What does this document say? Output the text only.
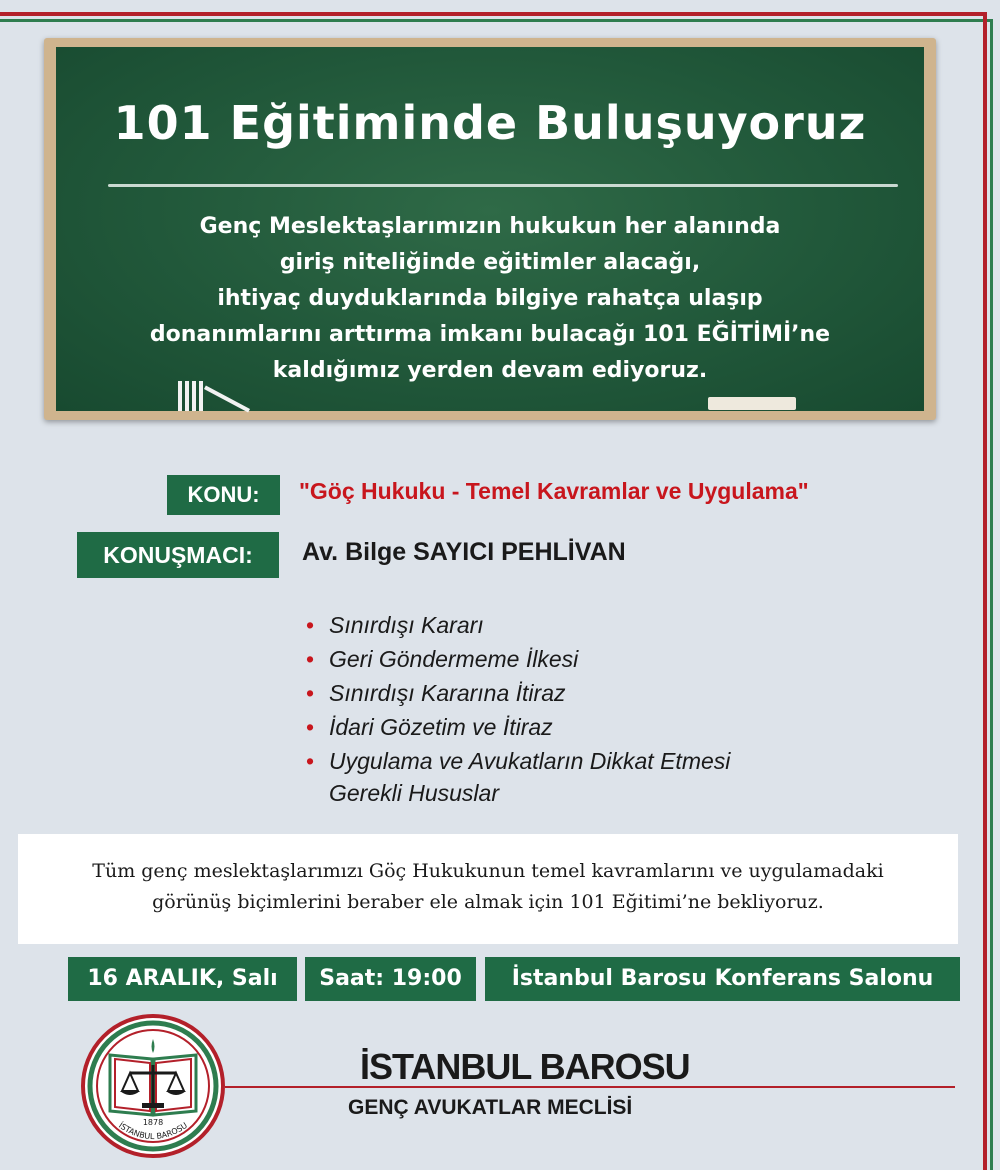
101 Eğitiminde Buluşuyoruz
Genç Meslektaşlarımızın hukukun her alanında
giriş niteliğinde eğitimler alacağı,
ihtiyaç duyduklarında bilgiye rahatça ulaşıp
donanımlarını arttırma imkanı bulacağı 101 EĞİTİMİ’ne
kaldığımız yerden devam ediyoruz.
KONU:	"Göç Hukuku - Temel Kavramlar ve Uygulama"
KONUŞMACI:	Av. Bilge SAYICI PEHLİVAN
• Sınırdışı Kararı
• Geri Göndermeme İlkesi
• Sınırdışı Kararına İtiraz
• İdari Gözetim ve İtiraz
• Uygulama ve Avukatların Dikkat Etmesi
Gerekli Hususlar
Tüm genç meslektaşlarımızı Göç Hukukunun temel kavramlarını ve uygulamadaki
görünüş biçimlerini beraber ele almak için 101 Eğitimi’ne bekliyoruz.
16 ARALIK, Salı	Saat: 19:00	İstanbul Barosu Konferans Salonu
1878
İSTANBUL BAROSU
İSTANBUL BAROSU
GENÇ AVUKATLAR MECLİSİ
